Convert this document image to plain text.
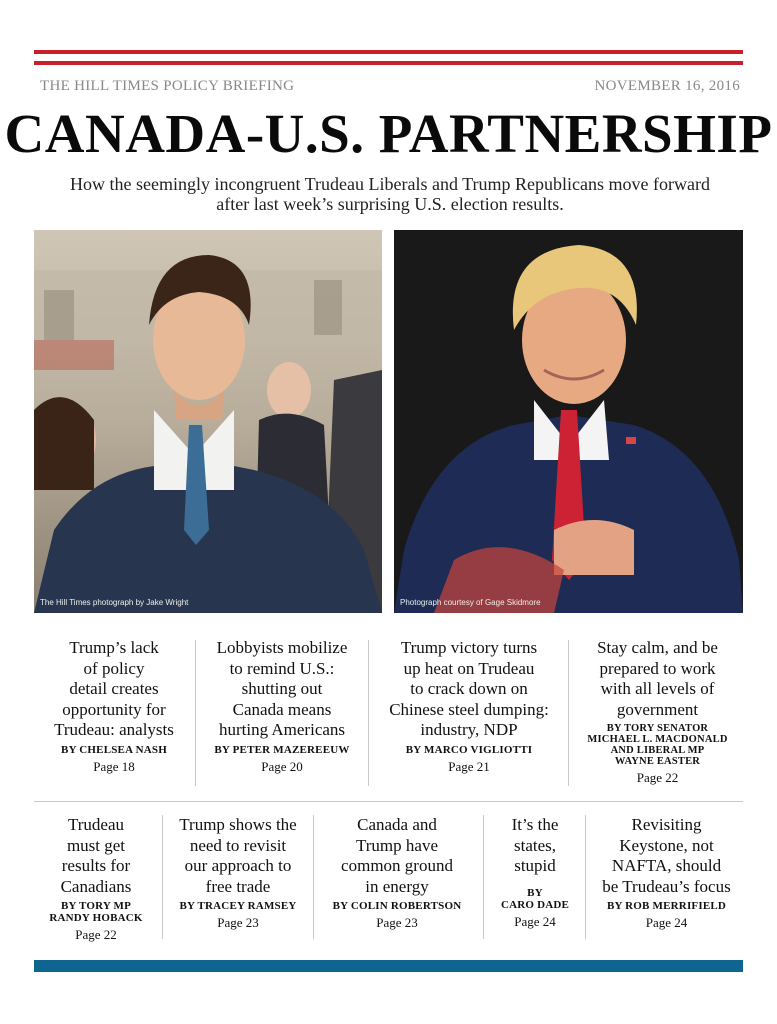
THE HILL TIMES POLICY BRIEFING	NOVEMBER 16, 2016
CANADA-U.S. PARTNERSHIP
How the seemingly incongruent Trudeau Liberals and Trump Republicans move forward
after last week’s surprising U.S. election results.
The Hill Times photograph by Jake Wright	Photograph courtesy of Gage Skidmore
Trump’s lack
of policy
detail creates
opportunity for
Trudeau: analysts
BY CHELSEA NASH
Page 18
Lobbyists mobilize
to remind U.S.:
shutting out
Canada means
hurting Americans
BY PETER MAZEREEUW
Page 20
Trump victory turns
up heat on Trudeau
to crack down on
Chinese steel dumping:
industry, NDP
BY MARCO VIGLIOTTI
Page 21
Stay calm, and be
prepared to work
with all levels of
government
BY TORY SENATOR
MICHAEL L. MACDONALD
AND LIBERAL MP
WAYNE EASTER
Page 22
Trudeau
must get
results for
Canadians
BY TORY MP
RANDY HOBACK
Page 22
Trump shows the
need to revisit
our approach to
free trade
BY TRACEY RAMSEY
Page 23
Canada and
Trump have
common ground
in energy
BY COLIN ROBERTSON
Page 23
It’s the
states,
stupid
BY
CARO DADE
Page 24
Revisiting
Keystone, not
NAFTA, should
be Trudeau’s focus
BY ROB MERRIFIELD
Page 24
